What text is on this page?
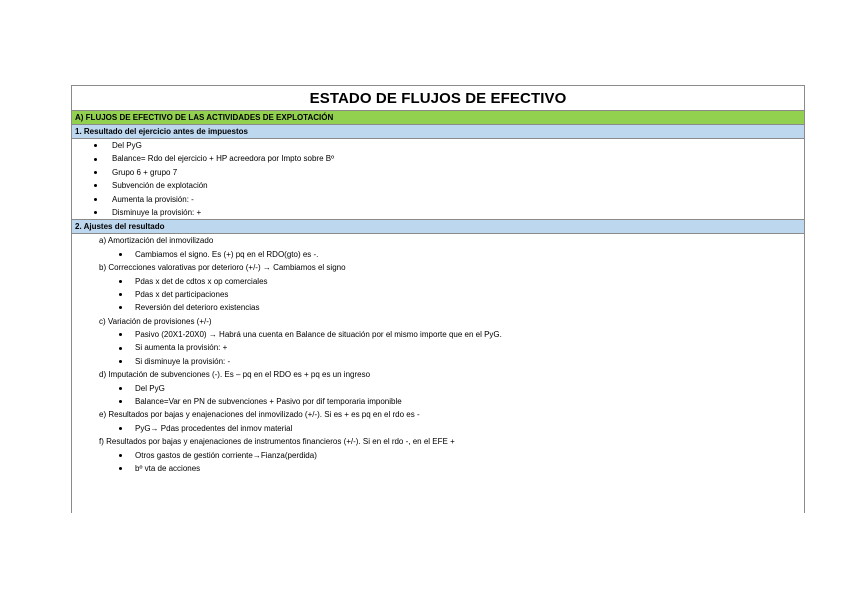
ESTADO DE FLUJOS DE EFECTIVO
A) FLUJOS DE EFECTIVO DE LAS ACTIVIDADES DE EXPLOTACIÓN
1. Resultado del ejercicio antes de impuestos
Del PyG
Balance= Rdo del ejercicio + HP acreedora por Impto sobre Bº
Grupo 6 + grupo 7
Subvención de explotación
Aumenta la provisión: -
Disminuye la provisión: +
2. Ajustes del resultado
a) Amortización del inmovilizado
Cambiamos el signo. Es (+) pq en el RDO(gto) es -.
b) Correcciones valorativas por deterioro (+/-) → Cambiamos el signo
Pdas x det de cdtos x op comerciales
Pdas x det participaciones
Reversión del deterioro existencias
c) Variación de provisiones (+/-)
Pasivo (20X1-20X0) → Habrá una cuenta en Balance de situación por el mismo importe que en el PyG.
Si aumenta la provisión: +
Si disminuye la provisión: -
d) Imputación de subvenciones (-). Es – pq en el RDO es + pq es un ingreso
Del PyG
Balance=Var en PN de subvenciones + Pasivo por dif temporaria imponible
e) Resultados por bajas y enajenaciones del inmovilizado (+/-). Si es + es pq en el rdo es -
PyG→ Pdas procedentes del inmov material
f) Resultados por bajas y enajenaciones de instrumentos financieros (+/-). Si en el rdo -, en el EFE +
Otros gastos de gestión corriente→Fianza(perdida)
bº vta de acciones
